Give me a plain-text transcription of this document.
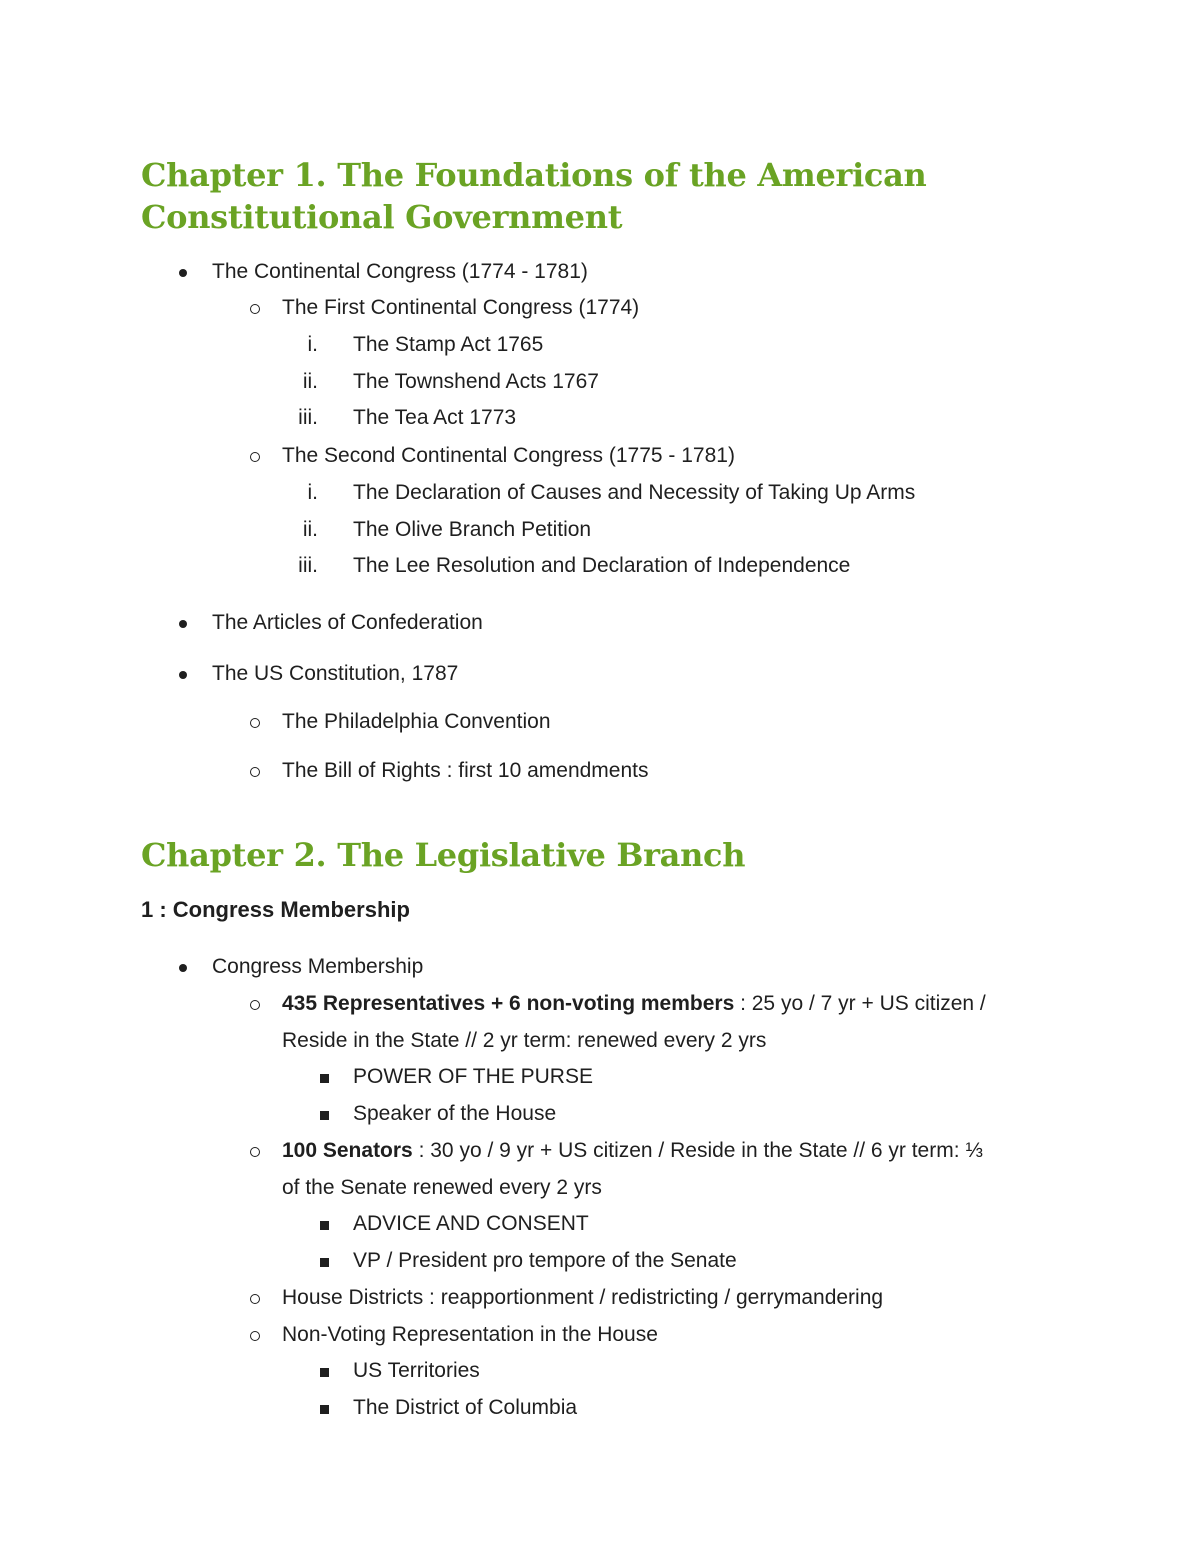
Chapter 1. The Foundations of the American
Constitutional Government
The Continental Congress (1774 - 1781)
The First Continental Congress (1774)
i. The Stamp Act 1765
ii. The Townshend Acts 1767
iii. The Tea Act 1773
The Second Continental Congress (1775 - 1781)
i. The Declaration of Causes and Necessity of Taking Up Arms
ii. The Olive Branch Petition
iii. The Lee Resolution and Declaration of Independence
The Articles of Confederation
The US Constitution, 1787
The Philadelphia Convention
The Bill of Rights : first 10 amendments
Chapter 2. The Legislative Branch
1 : Congress Membership
Congress Membership
435 Representatives + 6 non-voting members : 25 yo / 7 yr + US citizen /
Reside in the State // 2 yr term: renewed every 2 yrs
POWER OF THE PURSE
Speaker of the House
100 Senators : 30 yo / 9 yr + US citizen / Reside in the State // 6 yr term: ⅓
of the Senate renewed every 2 yrs
ADVICE AND CONSENT
VP / President pro tempore of the Senate
House Districts : reapportionment / redistricting / gerrymandering
Non-Voting Representation in the House
US Territories
The District of Columbia
